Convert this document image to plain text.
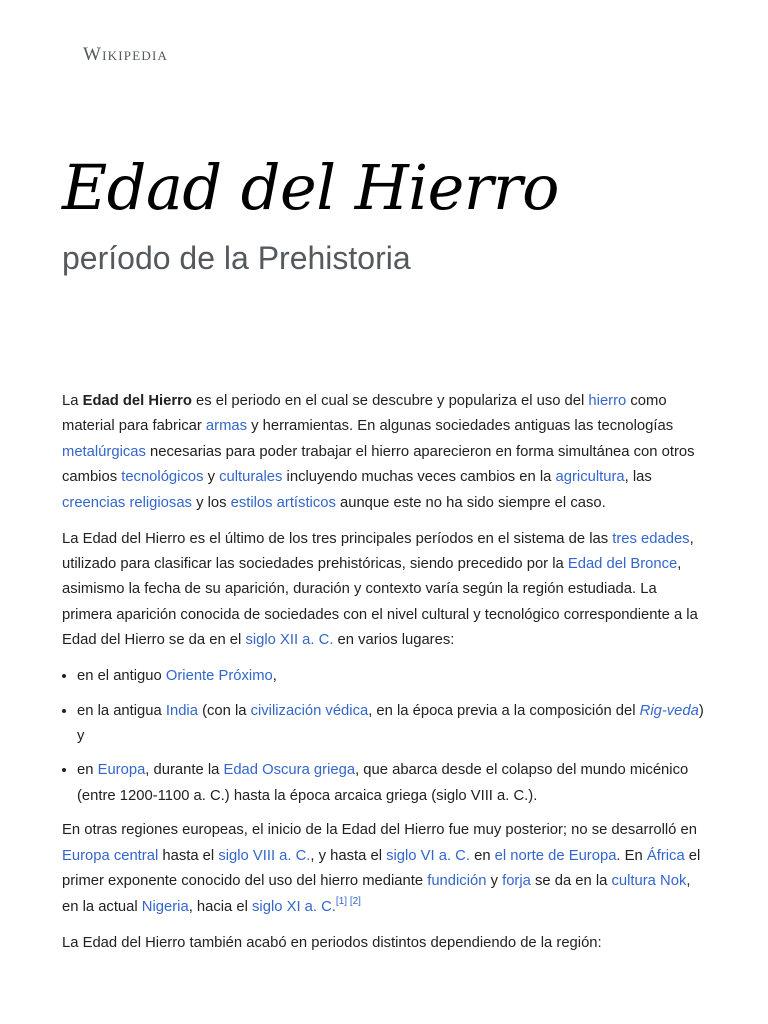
Wikipedia
Edad del Hierro
período de la Prehistoria

La Edad del Hierro es el periodo en el cual se descubre y populariza el uso del hierro como material para fabricar armas y herramientas. En algunas sociedades antiguas las tecnologías metalúrgicas necesarias para poder trabajar el hierro aparecieron en forma simultánea con otros cambios tecnológicos y culturales incluyendo muchas veces cambios en la agricultura, las creencias religiosas y los estilos artísticos aunque este no ha sido siempre el caso.

La Edad del Hierro es el último de los tres principales períodos en el sistema de las tres edades, utilizado para clasificar las sociedades prehistóricas, siendo precedido por la Edad del Bronce, asimismo la fecha de su aparición, duración y contexto varía según la región estudiada. La primera aparición conocida de sociedades con el nivel cultural y tecnológico correspondiente a la Edad del Hierro se da en el siglo XII a. C. en varios lugares:

• en el antiguo Oriente Próximo,
• en la antigua India (con la civilización védica, en la época previa a la composición del Rig-veda) y
• en Europa, durante la Edad Oscura griega, que abarca desde el colapso del mundo micénico (entre 1200-1100 a. C.) hasta la época arcaica griega (siglo VIII a. C.).

En otras regiones europeas, el inicio de la Edad del Hierro fue muy posterior; no se desarrolló en Europa central hasta el siglo VIII a. C., y hasta el siglo VI a. C. en el norte de Europa. En África el primer exponente conocido del uso del hierro mediante fundición y forja se da en la cultura Nok, en la actual Nigeria, hacia el siglo XI a. C.[1] [2]

La Edad del Hierro también acabó en periodos distintos dependiendo de la región:
